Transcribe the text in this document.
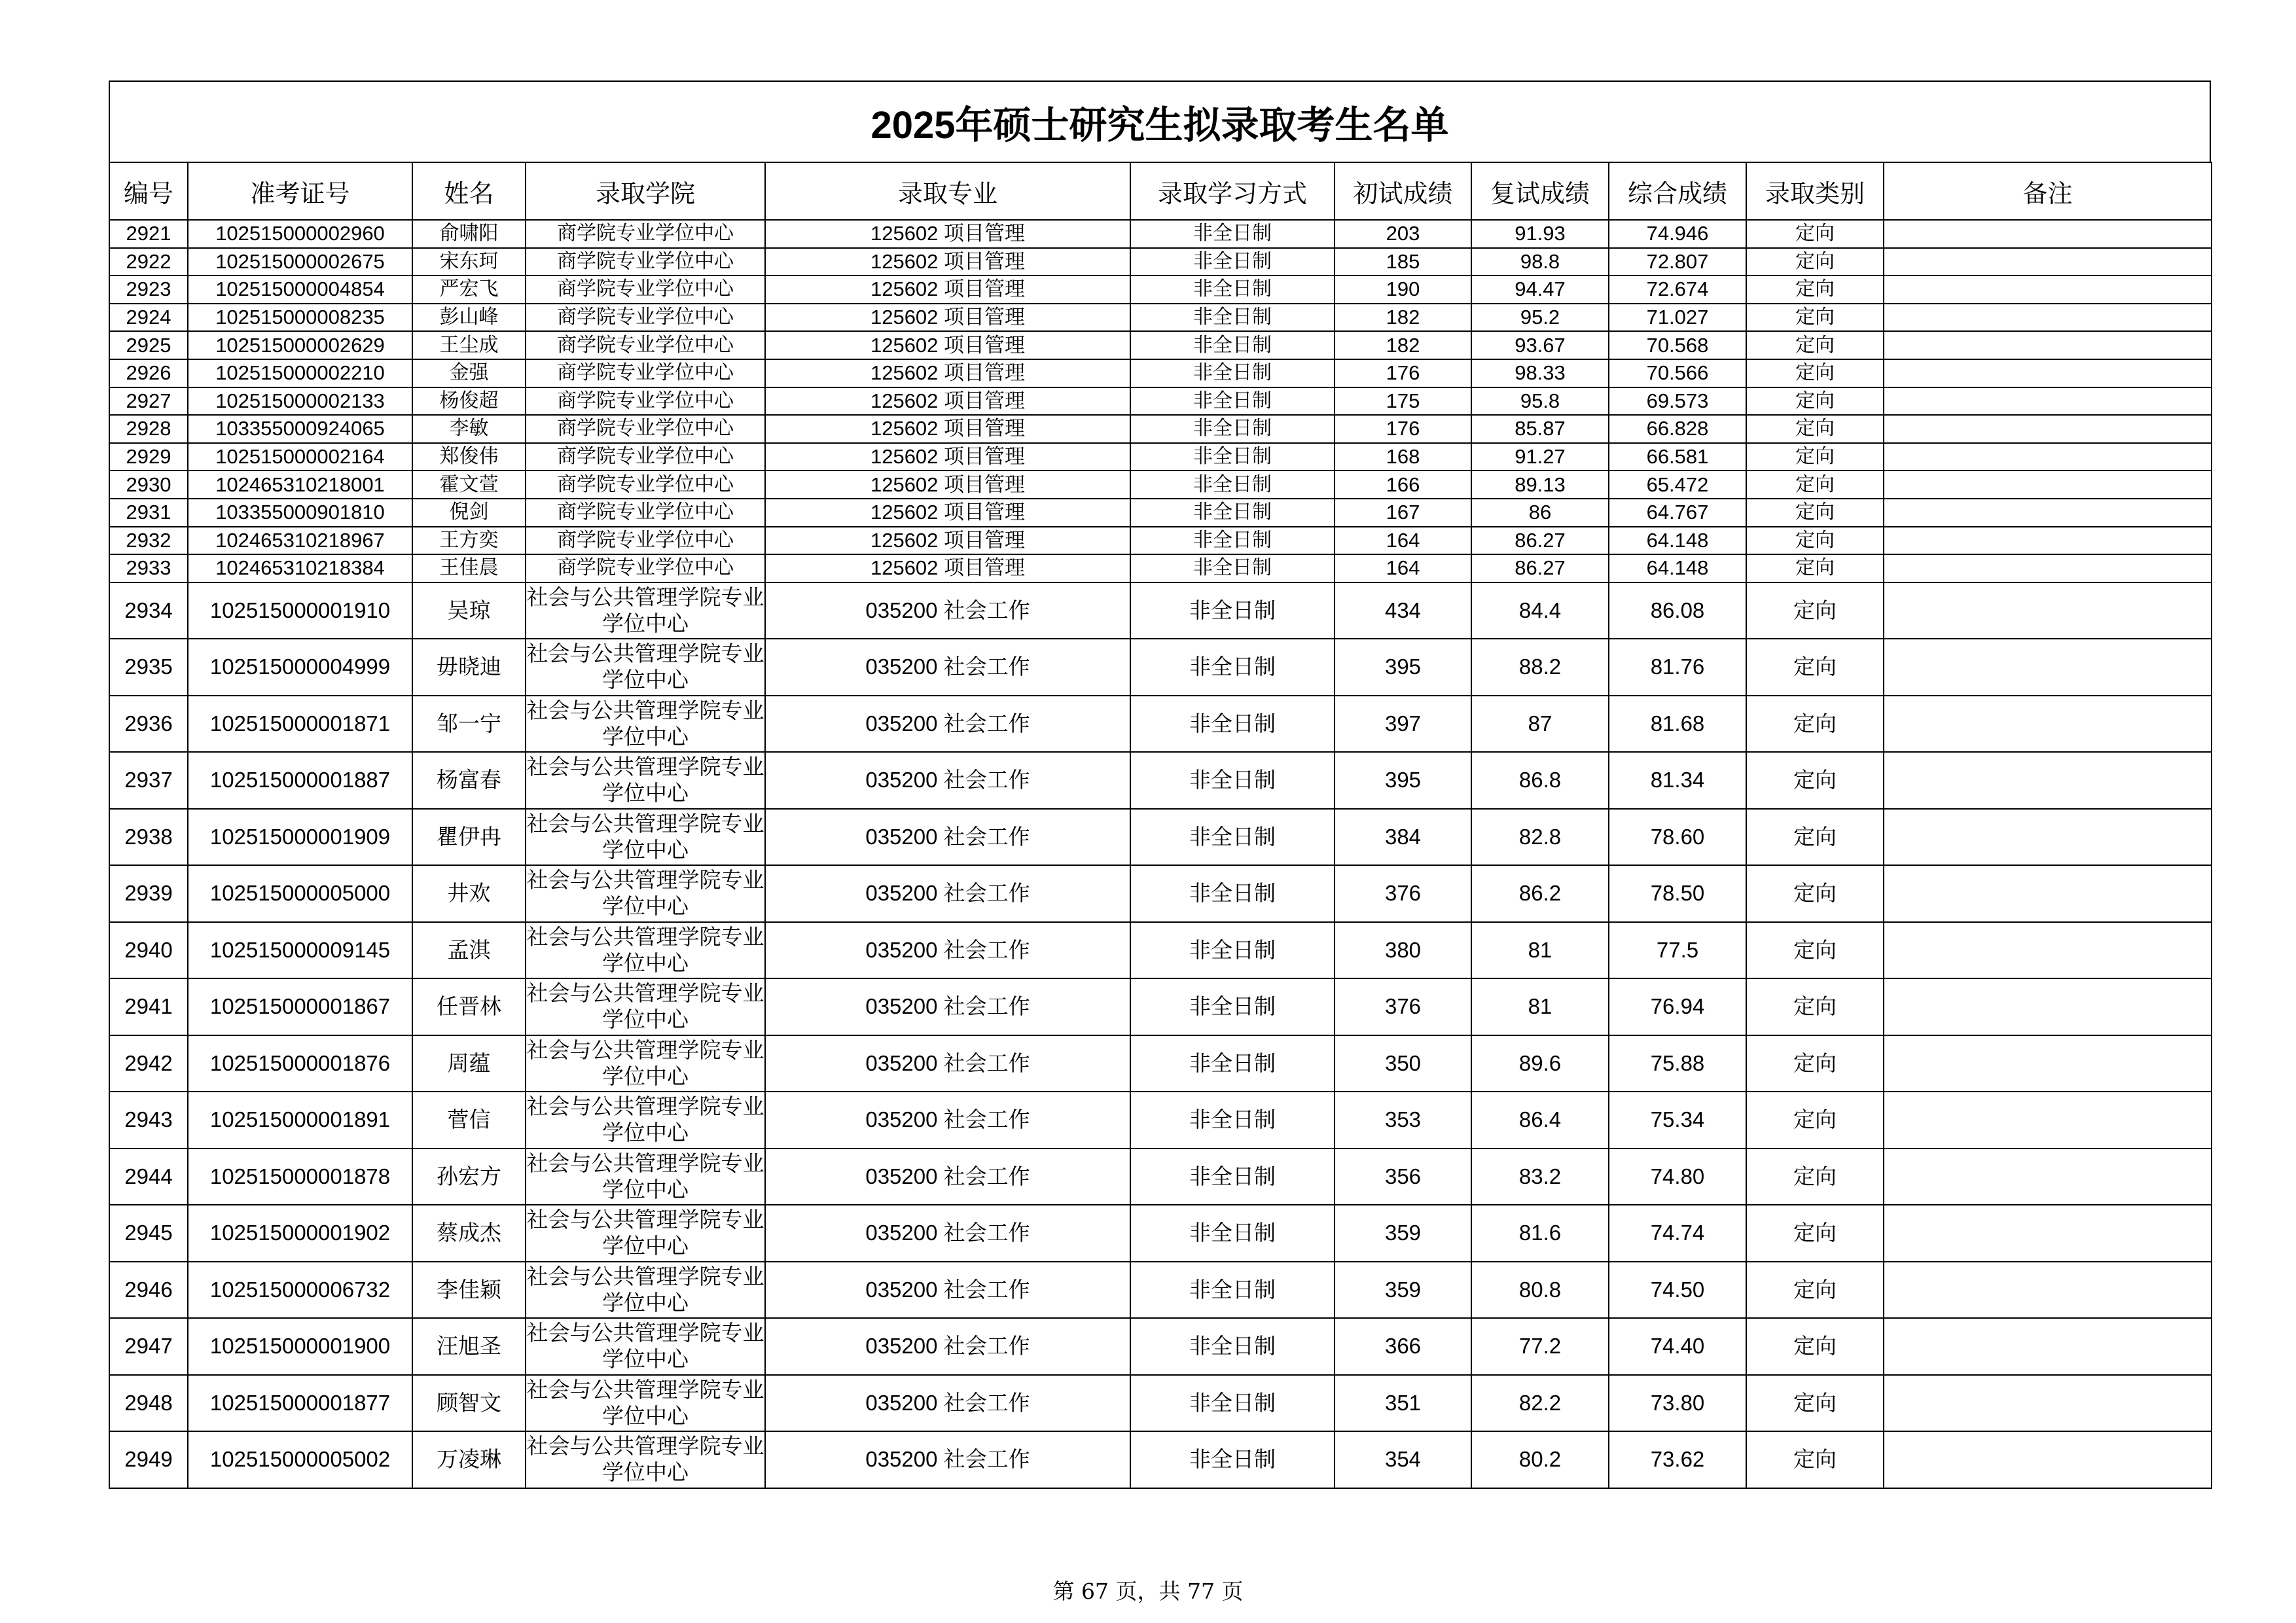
2025年硕士研究生拟录取考生名单
编号	准考证号	姓名	录取学院	录取专业	录取学习方式	初试成绩	复试成绩	综合成绩	录取类别	备注
2921	102515000002960	俞啸阳	商学院专业学位中心	125602 项目管理	非全日制	203	91.93	74.946	定向	
2922	102515000002675	宋东珂	商学院专业学位中心	125602 项目管理	非全日制	185	98.8	72.807	定向	
2923	102515000004854	严宏飞	商学院专业学位中心	125602 项目管理	非全日制	190	94.47	72.674	定向	
2924	102515000008235	彭山峰	商学院专业学位中心	125602 项目管理	非全日制	182	95.2	71.027	定向	
2925	102515000002629	王尘成	商学院专业学位中心	125602 项目管理	非全日制	182	93.67	70.568	定向	
2926	102515000002210	金强	商学院专业学位中心	125602 项目管理	非全日制	176	98.33	70.566	定向	
2927	102515000002133	杨俊超	商学院专业学位中心	125602 项目管理	非全日制	175	95.8	69.573	定向	
2928	103355000924065	李敏	商学院专业学位中心	125602 项目管理	非全日制	176	85.87	66.828	定向	
2929	102515000002164	郑俊伟	商学院专业学位中心	125602 项目管理	非全日制	168	91.27	66.581	定向	
2930	102465310218001	霍文萱	商学院专业学位中心	125602 项目管理	非全日制	166	89.13	65.472	定向	
2931	103355000901810	倪剑	商学院专业学位中心	125602 项目管理	非全日制	167	86	64.767	定向	
2932	102465310218967	王方奕	商学院专业学位中心	125602 项目管理	非全日制	164	86.27	64.148	定向	
2933	102465310218384	王佳晨	商学院专业学位中心	125602 项目管理	非全日制	164	86.27	64.148	定向	
2934	102515000001910	吴琼	社会与公共管理学院专业学位中心	035200 社会工作	非全日制	434	84.4	86.08	定向	
2935	102515000004999	毋晓迪	社会与公共管理学院专业学位中心	035200 社会工作	非全日制	395	88.2	81.76	定向	
2936	102515000001871	邹一宁	社会与公共管理学院专业学位中心	035200 社会工作	非全日制	397	87	81.68	定向	
2937	102515000001887	杨富春	社会与公共管理学院专业学位中心	035200 社会工作	非全日制	395	86.8	81.34	定向	
2938	102515000001909	瞿伊冉	社会与公共管理学院专业学位中心	035200 社会工作	非全日制	384	82.8	78.60	定向	
2939	102515000005000	井欢	社会与公共管理学院专业学位中心	035200 社会工作	非全日制	376	86.2	78.50	定向	
2940	102515000009145	孟淇	社会与公共管理学院专业学位中心	035200 社会工作	非全日制	380	81	77.5	定向	
2941	102515000001867	任晋林	社会与公共管理学院专业学位中心	035200 社会工作	非全日制	376	81	76.94	定向	
2942	102515000001876	周蕴	社会与公共管理学院专业学位中心	035200 社会工作	非全日制	350	89.6	75.88	定向	
2943	102515000001891	菅信	社会与公共管理学院专业学位中心	035200 社会工作	非全日制	353	86.4	75.34	定向	
2944	102515000001878	孙宏方	社会与公共管理学院专业学位中心	035200 社会工作	非全日制	356	83.2	74.80	定向	
2945	102515000001902	蔡成杰	社会与公共管理学院专业学位中心	035200 社会工作	非全日制	359	81.6	74.74	定向	
2946	102515000006732	李佳颖	社会与公共管理学院专业学位中心	035200 社会工作	非全日制	359	80.8	74.50	定向	
2947	102515000001900	汪旭圣	社会与公共管理学院专业学位中心	035200 社会工作	非全日制	366	77.2	74.40	定向	
2948	102515000001877	顾智文	社会与公共管理学院专业学位中心	035200 社会工作	非全日制	351	82.2	73.80	定向	
2949	102515000005002	万凌琳	社会与公共管理学院专业学位中心	035200 社会工作	非全日制	354	80.2	73.62	定向	
第 67 页，共 77 页
